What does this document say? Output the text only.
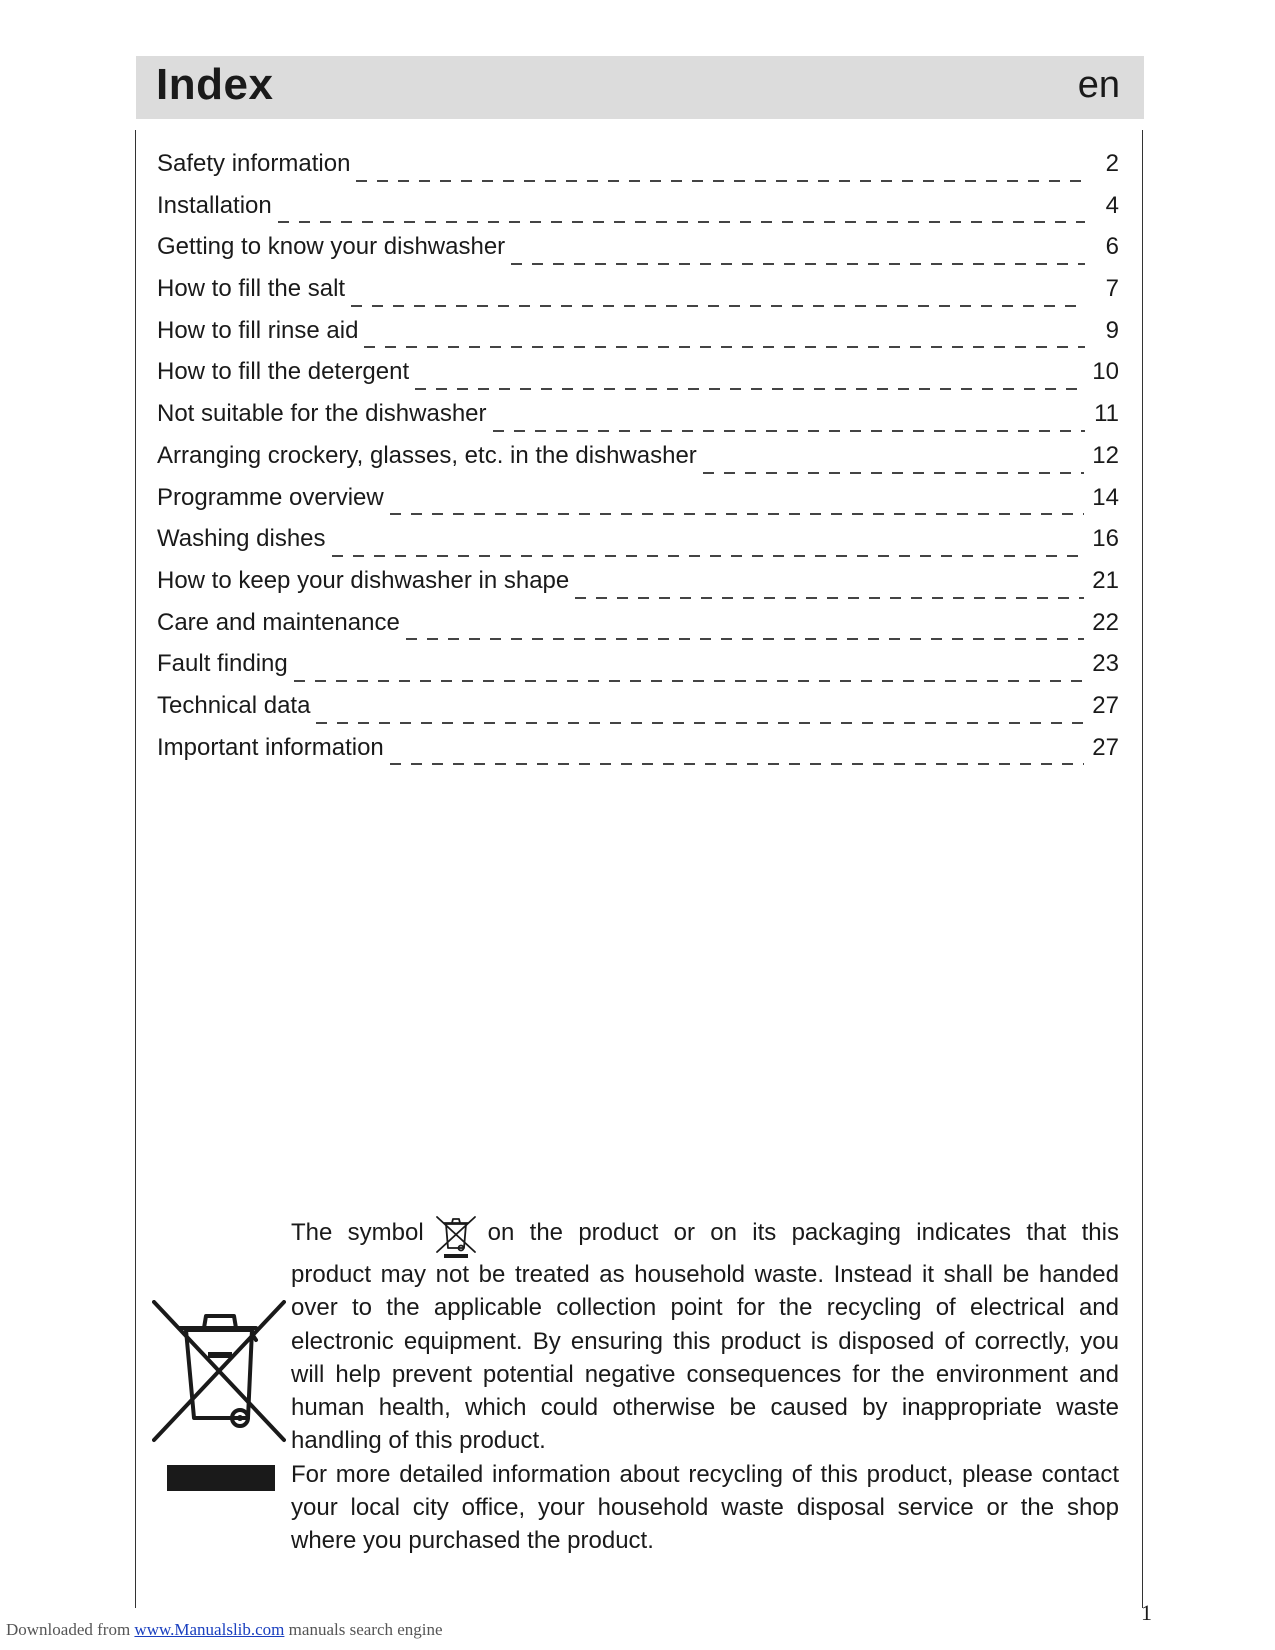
Index	en
Safety information	2
Installation	4
Getting to know your dishwasher	6
How to fill the salt	7
How to fill rinse aid	9
How to fill the detergent	10
Not suitable for the dishwasher	11
Arranging crockery, glasses, etc. in the dishwasher	12
Programme overview	14
Washing dishes	16
How to keep your dishwasher in shape	21
Care and maintenance	22
Fault finding	23
Technical data	27
Important information	27

The symbol	on the product or on its packaging indicates that this product may not be treated as household waste. Instead it shall be handed over to the applicable collection point for the recycling of electrical and electronic equipment. By ensuring this product is disposed of correctly, you will help prevent potential negative consequences for the environment and human health, which could otherwise be caused by inappropriate waste handling of this product.

For more detailed information about recycling of this product, please contact your local city office, your household waste disposal service or the shop where you purchased the product.

1
Downloaded from www.Manualslib.com manuals search engine
